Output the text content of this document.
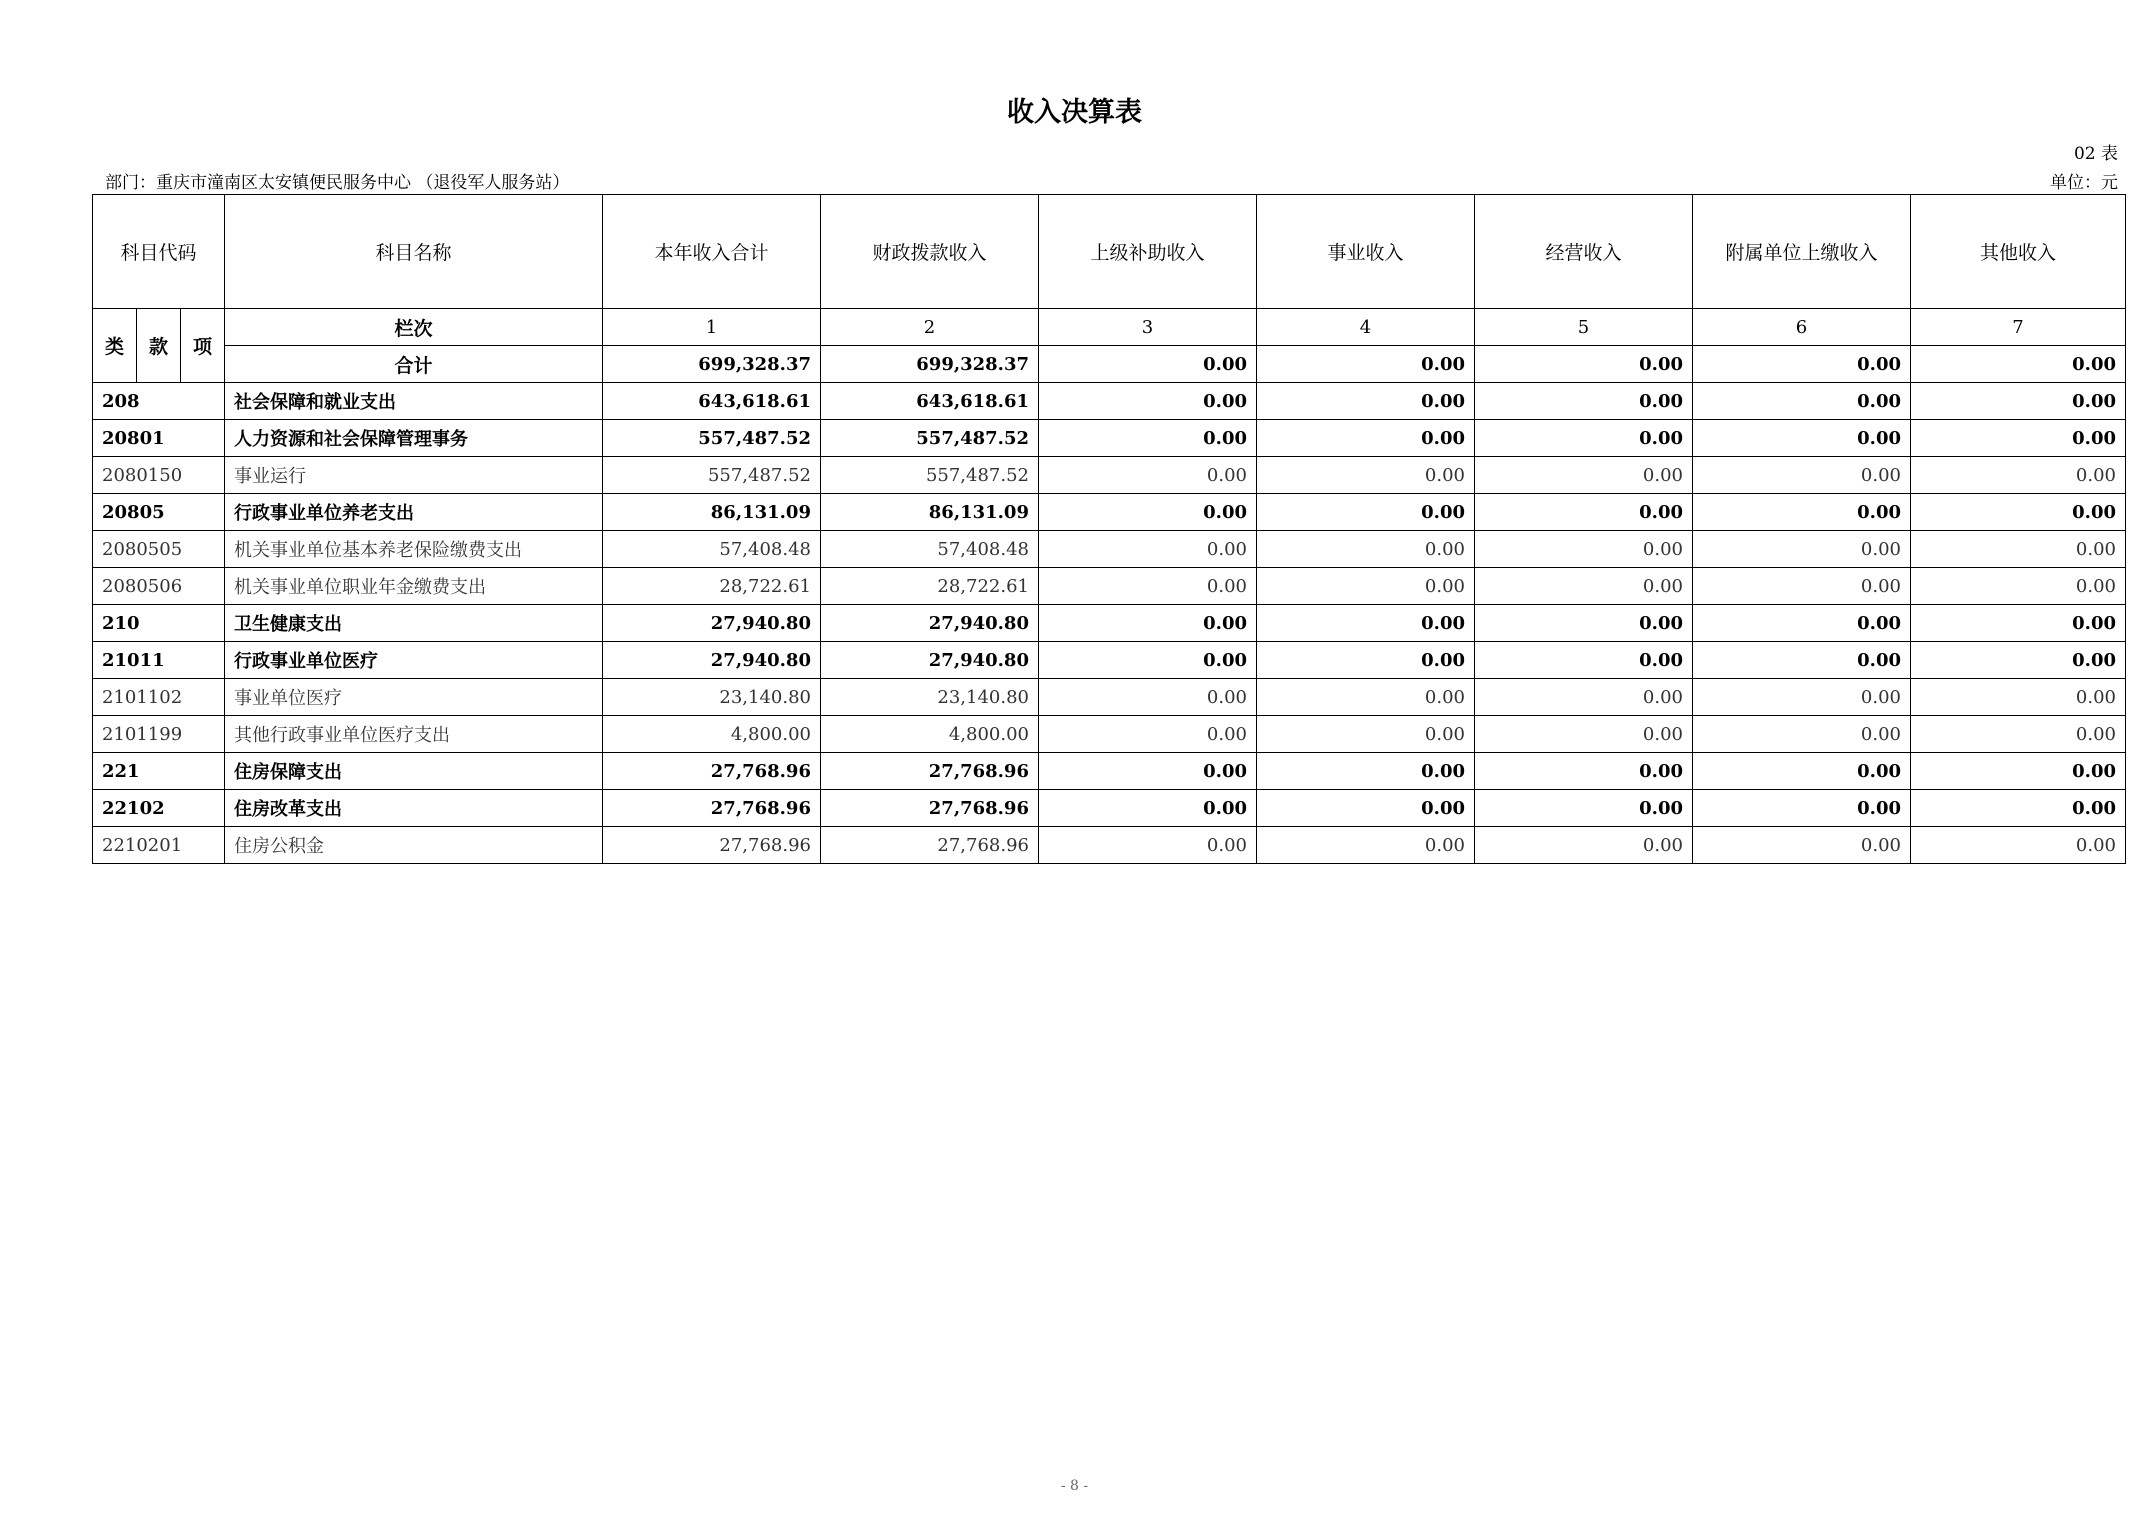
收入决算表
02 表
部门：重庆市潼南区太安镇便民服务中心 （退役军人服务站）	单位：元
科目代码			科目名称	本年收入合计	财政拨款收入	上级补助收入	事业收入	经营收入	附属单位上缴收入	其他收入
类	款	项	栏次	1	2	3	4	5	6	7
			合计	699,328.37	699,328.37	0.00	0.00	0.00	0.00	0.00
208			社会保障和就业支出	643,618.61	643,618.61	0.00	0.00	0.00	0.00	0.00
20801			人力资源和社会保障管理事务	557,487.52	557,487.52	0.00	0.00	0.00	0.00	0.00
2080150			事业运行	557,487.52	557,487.52	0.00	0.00	0.00	0.00	0.00
20805			行政事业单位养老支出	86,131.09	86,131.09	0.00	0.00	0.00	0.00	0.00
2080505			机关事业单位基本养老保险缴费支出	57,408.48	57,408.48	0.00	0.00	0.00	0.00	0.00
2080506			机关事业单位职业年金缴费支出	28,722.61	28,722.61	0.00	0.00	0.00	0.00	0.00
210			卫生健康支出	27,940.80	27,940.80	0.00	0.00	0.00	0.00	0.00
21011			行政事业单位医疗	27,940.80	27,940.80	0.00	0.00	0.00	0.00	0.00
2101102			事业单位医疗	23,140.80	23,140.80	0.00	0.00	0.00	0.00	0.00
2101199			其他行政事业单位医疗支出	4,800.00	4,800.00	0.00	0.00	0.00	0.00	0.00
221			住房保障支出	27,768.96	27,768.96	0.00	0.00	0.00	0.00	0.00
22102			住房改革支出	27,768.96	27,768.96	0.00	0.00	0.00	0.00	0.00
2210201			住房公积金	27,768.96	27,768.96	0.00	0.00	0.00	0.00	0.00
- 8 -
